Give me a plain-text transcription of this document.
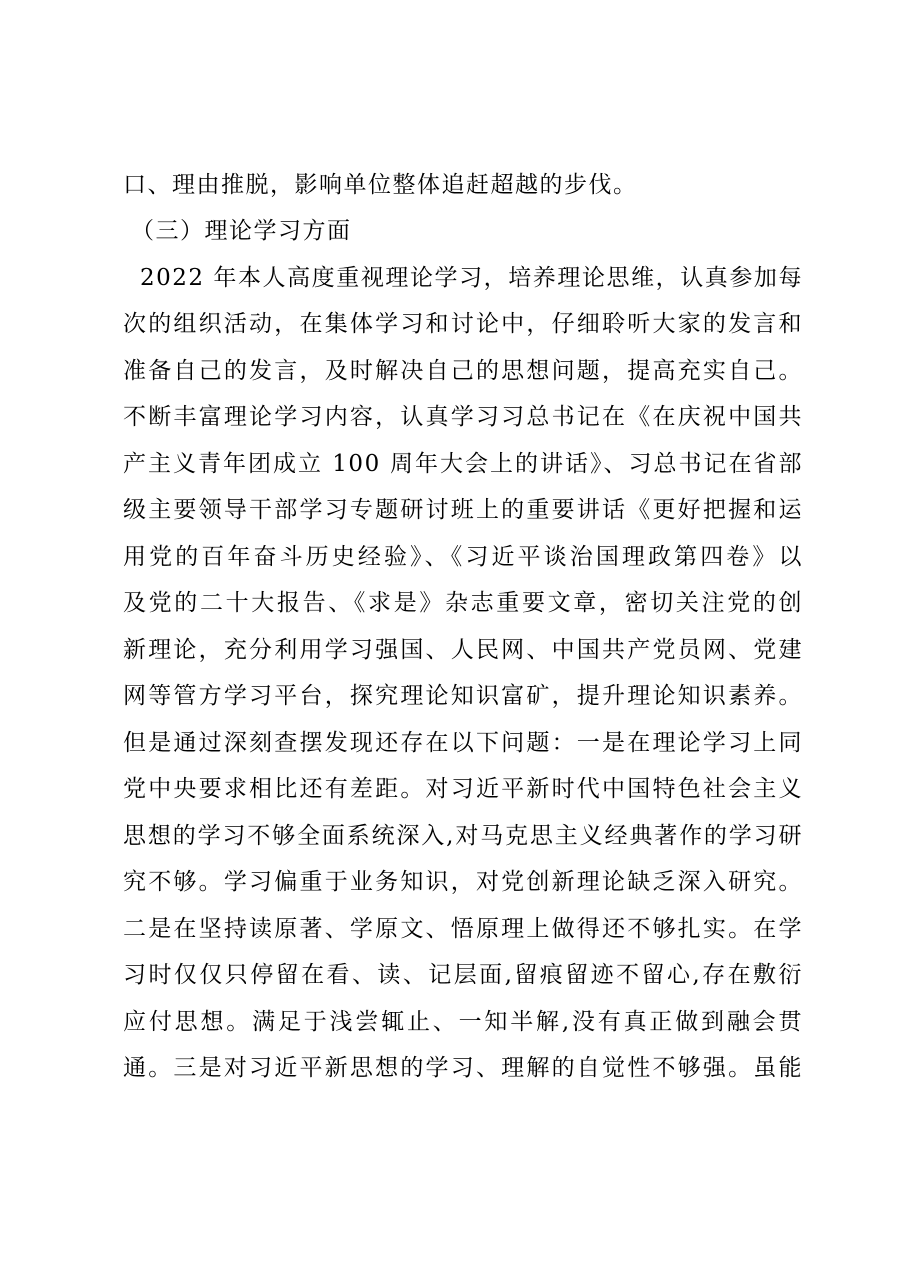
口、理由推脱，影响单位整体追赶超越的步伐。
（三）理论学习方面
2022 年本人高度重视理论学习，培养理论思维，认真参加每
次的组织活动，在集体学习和讨论中，仔细聆听大家的发言和
准备自己的发言，及时解决自己的思想问题，提高充实自己。
不断丰富理论学习内容，认真学习习总书记在《在庆祝中国共
产主义青年团成立 100 周年大会上的讲话》、习总书记在省部
级主要领导干部学习专题研讨班上的重要讲话《更好把握和运
用党的百年奋斗历史经验》、《习近平谈治国理政第四卷》以
及党的二十大报告、《求是》杂志重要文章，密切关注党的创
新理论，充分利用学习强国、人民网、中国共产党员网、党建
网等管方学习平台，探究理论知识富矿，提升理论知识素养。
但是通过深刻查摆发现还存在以下问题：一是在理论学习上同
党中央要求相比还有差距。对习近平新时代中国特色社会主义
思想的学习不够全面系统深入,对马克思主义经典著作的学习研
究不够。学习偏重于业务知识，对党创新理论缺乏深入研究。
二是在坚持读原著、学原文、悟原理上做得还不够扎实。在学
习时仅仅只停留在看、读、记层面,留痕留迹不留心,存在敷衍
应付思想。满足于浅尝辄止、一知半解,没有真正做到融会贯
通。三是对习近平新思想的学习、理解的自觉性不够强。虽能
